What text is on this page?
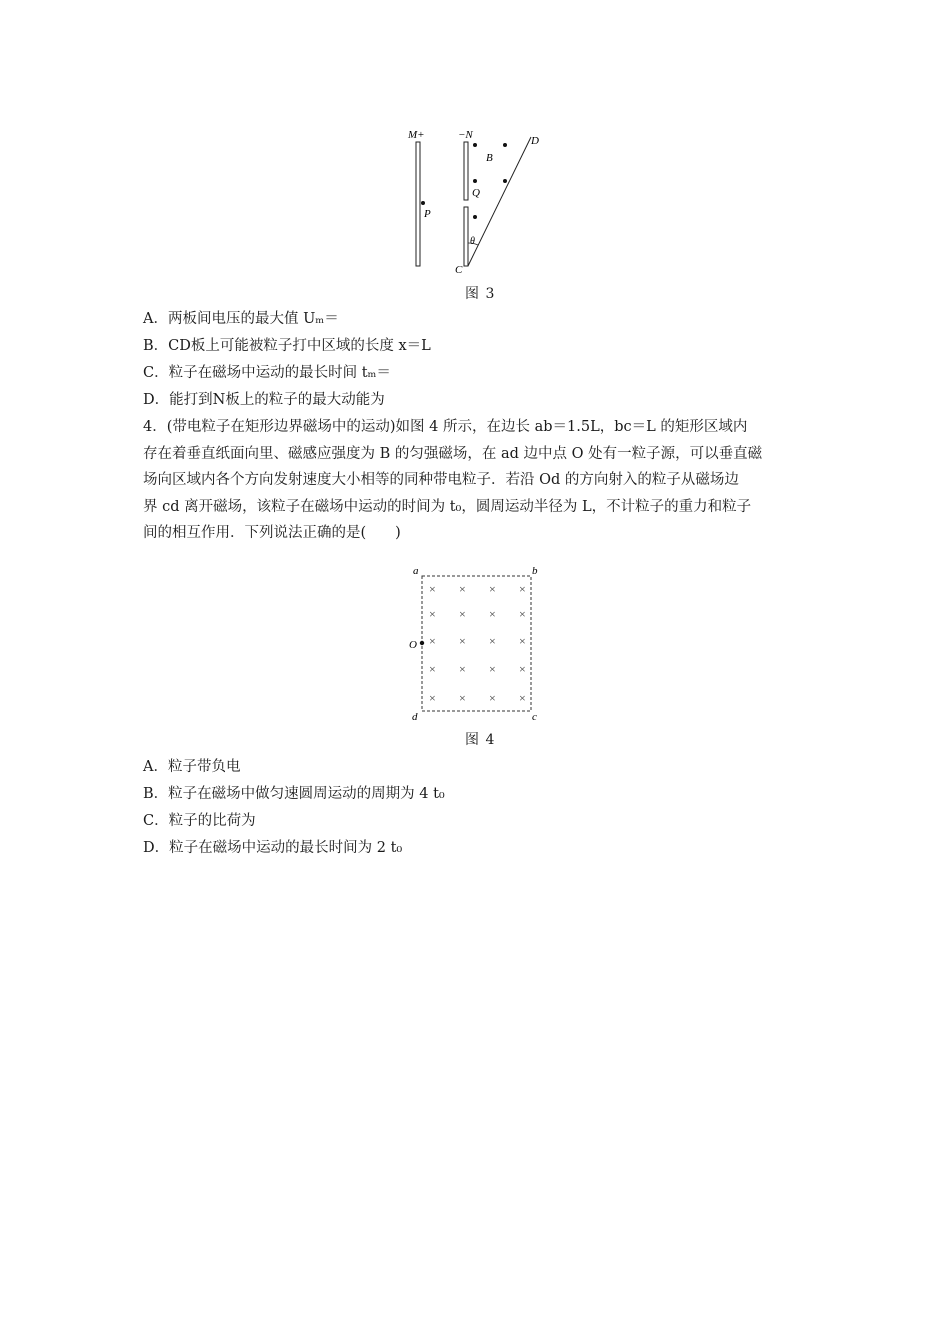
M+	−N	D
B
Q
P
θ
C
图 3
A．两板间电压的最大值 Uₘ＝
B．CD板上可能被粒子打中区域的长度 x＝L
C．粒子在磁场中运动的最长时间 tₘ＝
D．能打到N板上的粒子的最大动能为
4．(带电粒子在矩形边界磁场中的运动)如图 4 所示，在边长 ab＝1.5L，bc＝L 的矩形区域内
存在着垂直纸面向里、磁感应强度为 B 的匀强磁场，在 ad 边中点 O 处有一粒子源，可以垂直磁
场向区域内各个方向发射速度大小相等的同种带电粒子．若沿 Od 的方向射入的粒子从磁场边
界 cd 离开磁场，该粒子在磁场中运动的时间为 t₀，圆周运动半径为 L，不计粒子的重力和粒子
间的相互作用．下列说法正确的是(　　)
× × × ×
× × × ×
× × × ×
× × × ×
× × × ×
a	b
c
d
O
图 4
A．粒子带负电
B．粒子在磁场中做匀速圆周运动的周期为 4 t₀
C．粒子的比荷为
D．粒子在磁场中运动的最长时间为 2 t₀
